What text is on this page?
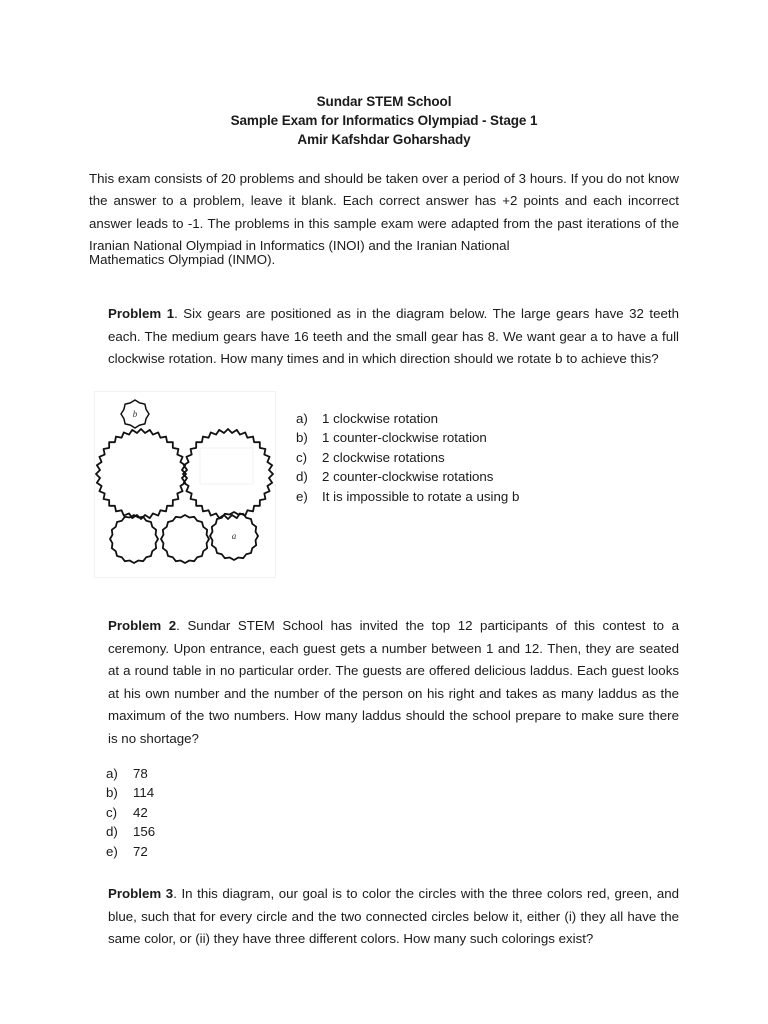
Sundar STEM School
Sample Exam for Informatics Olympiad - Stage 1
Amir Kafshdar Goharshady

This exam consists of 20 problems and should be taken over a period of 3 hours. If you do not know the answer to a problem, leave it blank. Each correct answer has +2 points and each incorrect answer leads to -1. The problems in this sample exam were adapted from the past iterations of the Iranian National Olympiad in Informatics (INOI) and the Iranian National

Mathematics Olympiad (INMO).

Problem 1. Six gears are positioned as in the diagram below. The large gears have 32 teeth each. The medium gears have 16 teeth and the small gear has 8. We want gear a to have a full clockwise rotation. How many times and in which direction should we rotate b to achieve this?

b
a
a)	1 clockwise rotation
b)	1 counter-clockwise rotation
c)	2 clockwise rotations
d)	2 counter-clockwise rotations
e)	It is impossible to rotate a using b

Problem 2. Sundar STEM School has invited the top 12 participants of this contest to a ceremony. Upon entrance, each guest gets a number between 1 and 12. Then, they are seated at a round table in no particular order. The guests are offered delicious laddus. Each guest looks at his own number and the number of the person on his right and takes as many laddus as the maximum of the two numbers. How many laddus should the school prepare to make sure there is no shortage?

a)	78
b)	114
c)	42
d)	156
e)	72

Problem 3. In this diagram, our goal is to color the circles with the three colors red, green, and blue, such that for every circle and the two connected circles below it, either (i) they all have the same color, or (ii) they have three different colors. How many such colorings exist?
